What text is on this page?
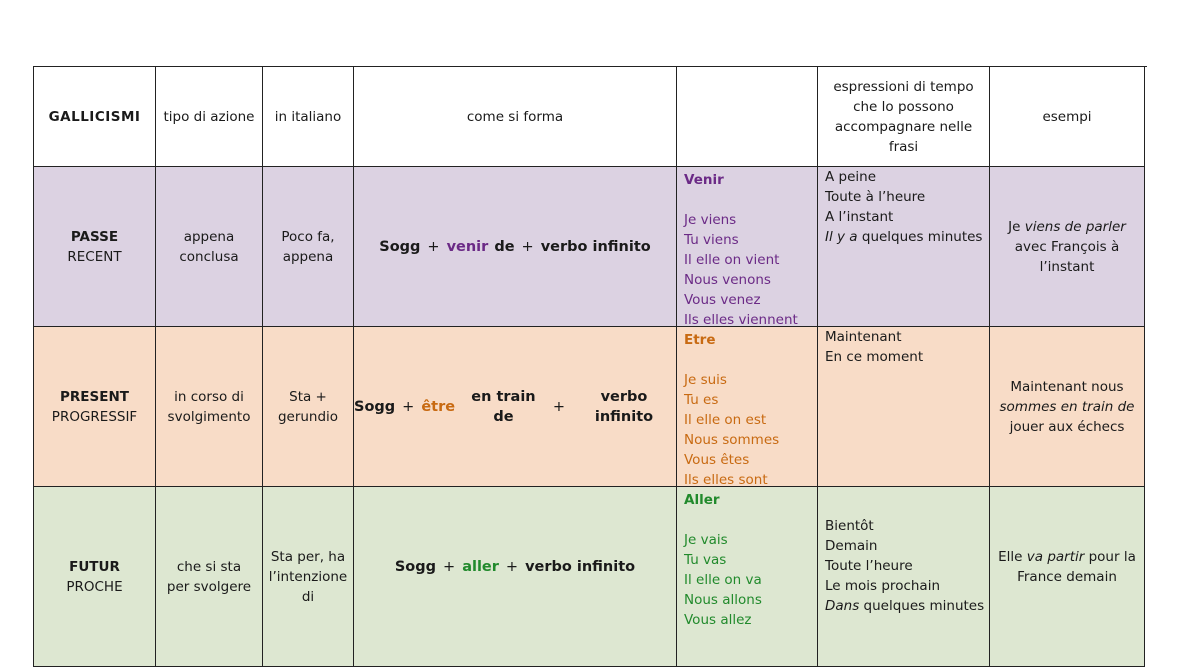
GALLICISMI tipo di azione in italiano	come si forma
espressioni di tempo che lo possono accompagnare nelle frasi
esempi
PASSE
RECENT
appena conclusa
Poco fa, appena
Sogg + venir de + verbo infinito
Venir
Je viens
Tu viens
Il elle on vient
Nous venons
Vous venez
Ils elles viennent
A peine
Toute à l’heure
A l’instant
Il y a quelques minutes
Je viens de parler avec François à l’instant
PRESENT
PROGRESSIF
in corso di svolgimento
Sta + gerundio
Sogg + être
en train de
+
verbo infinito
Etre
Je suis
Tu es
Il elle on est
Nous sommes
Vous êtes
Ils elles sont
Maintenant
En ce moment
Maintenant nous sommes en train de jouer aux échecs
FUTUR
PROCHE
che si sta per svolgere
Sta per, ha l’intenzione di
Sogg + aller + verbo infinito
Aller
Je vais
Tu vas
Il elle on va
Nous allons
Vous allez
Bientôt
Demain
Toute l’heure
Le mois prochain
Dans quelques minutes
Elle va partir pour la France demain
